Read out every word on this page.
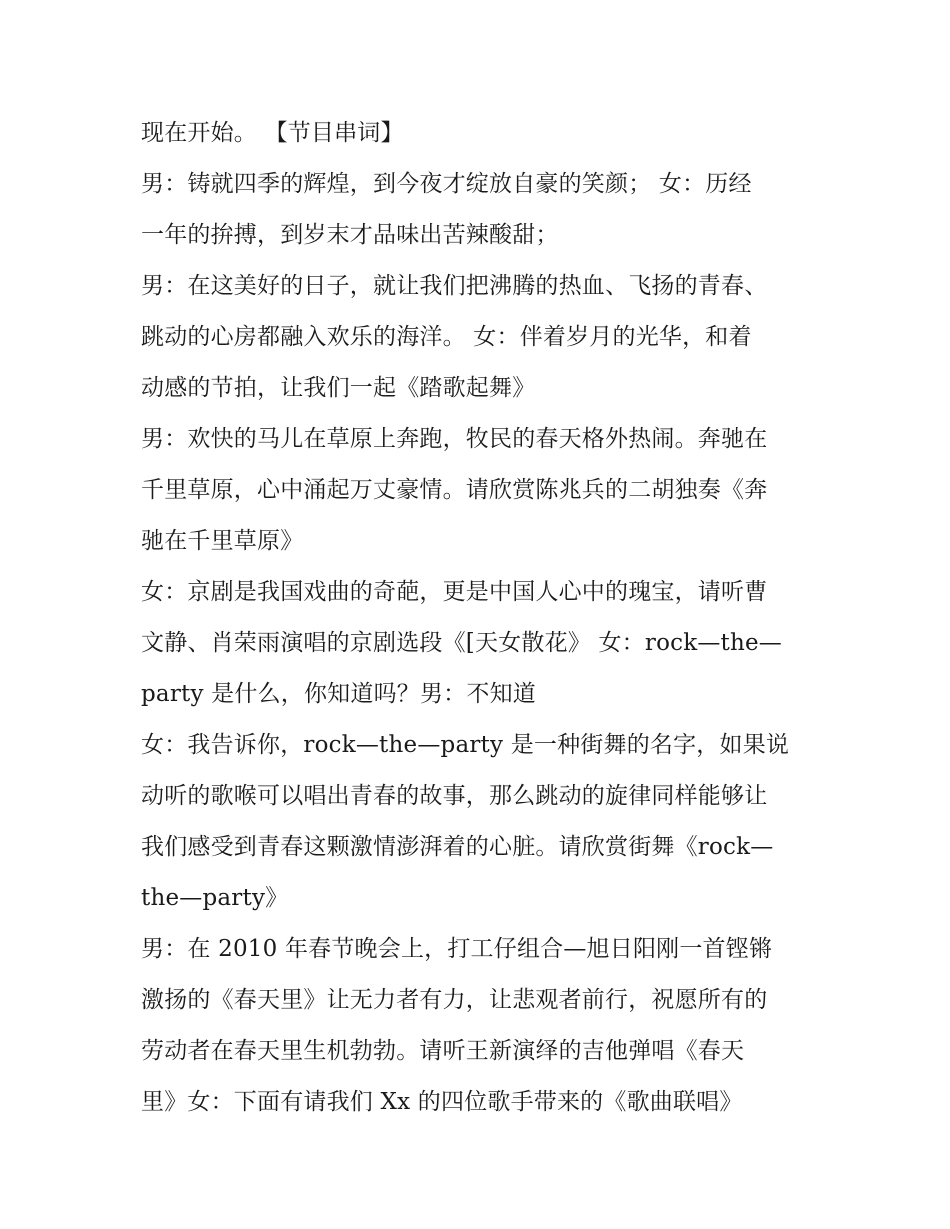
现在开始。 【节目串词】
男：铸就四季的辉煌，到今夜才绽放自豪的笑颜； 女：历经
一年的拚搏，到岁末才品味出苦辣酸甜；
男：在这美好的日子，就让我们把沸腾的热血、飞扬的青春、
跳动的心房都融入欢乐的海洋。 女：伴着岁月的光华，和着
动感的节拍，让我们一起《踏歌起舞》
男：欢快的马儿在草原上奔跑，牧民的春天格外热闹。奔驰在
千里草原，心中涌起万丈豪情。请欣赏陈兆兵的二胡独奏《奔
驰在千里草原》
女：京剧是我国戏曲的奇葩，更是中国人心中的瑰宝，请听曹
文静、肖荣雨演唱的京剧选段《[天女散花》 女：rock—the—
party 是什么，你知道吗？男：不知道
女：我告诉你，rock—the—party 是一种街舞的名字，如果说
动听的歌喉可以唱出青春的故事，那么跳动的旋律同样能够让
我们感受到青春这颗激情澎湃着的心脏。请欣赏街舞《rock—
the—party》
男：在 2010 年春节晚会上，打工仔组合—旭日阳刚一首铿锵
激扬的《春天里》让无力者有力，让悲观者前行，祝愿所有的
劳动者在春天里生机勃勃。请听王新演绎的吉他弹唱《春天
里》女：下面有请我们 Xx 的四位歌手带来的《歌曲联唱》
